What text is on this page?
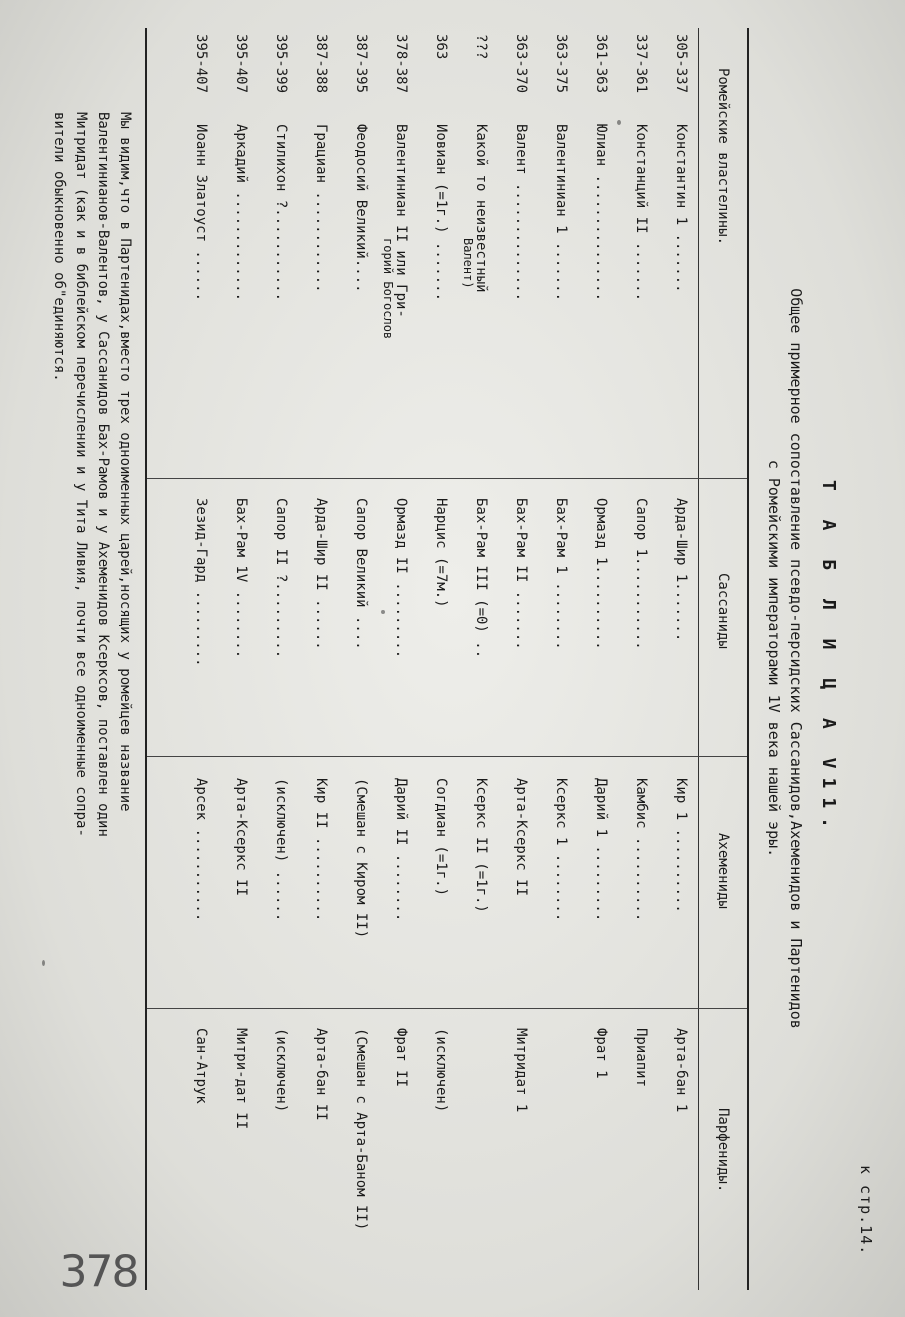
378
к стр.14.
Т А Б Л И Ц А V11.
Общее примерное сопоставление псевдо-персидских Сассанидов,Ахеменидов и Партенидов
с Ромейскими императорами 1V века нашей эры.
Ромейские властелины.
Сассаниды
Ахемениды
Парфениды.
Мы видим,что в Партенидах,вместо трех одноименных царей,носящих у ромейцев название
Валентинианов-Валентов, у Сассанидов Бах-Рамов и у Ахеменидов Ксерксов, поставлен один
Митридат (как и в библейском перечислении и у Тита Ливия, почти все одноименные сопра-
вители обыкновенно об"единяются.
305-337
Константин 1 .......
Арда-Шир 1.......
Кир 1 ..........
Арта-бан 1
337-361
Констанций II .......
Сапор 1...........
Камбис ..........
Приапит
361-363
Юлиан ...............
Ормазд 1..........
Дарий 1 .........
Фрат 1
363-375
Валентиниан 1 .......
Бах-Рам 1 ........
Ксеркс 1 ........
363-370
Валент ..............
Бах-Рам II .......
Арта-Ксеркс II
Митридат 1
???
Какой то неизвестный
Бах-Рам III (=0) ..
Ксеркс II (=1г.)
Валент)
363
Иовиан (=1г.) .......
Нарцис (=7м.)
Согдиан (=1г.)
(исключен)
378-387
Валентиниан II или Гри-
Ормазд II .........
Дарий II ........
Фрат II
горий Богослов
387-395
Феодосий Великий....
Сапор Великий ....
(Смешан с Киром II)
(Смешан с Арта-Баном II)
387-388
Грациан ............
Арда-Шир II ......
Кир II ..........
Арта-бан II
395-399
Стилихон ?...........
Сапор II ?.........
(исключен) ......
(исключен)
395-407
Аркадий .............
Бах-Рам 1V ........
Арта-Ксеркс II
Митри-дат II
395-407
Иоанн Златоуст ......
Зезид-Гард .........
Арсек ...........
Сан-Атрук
